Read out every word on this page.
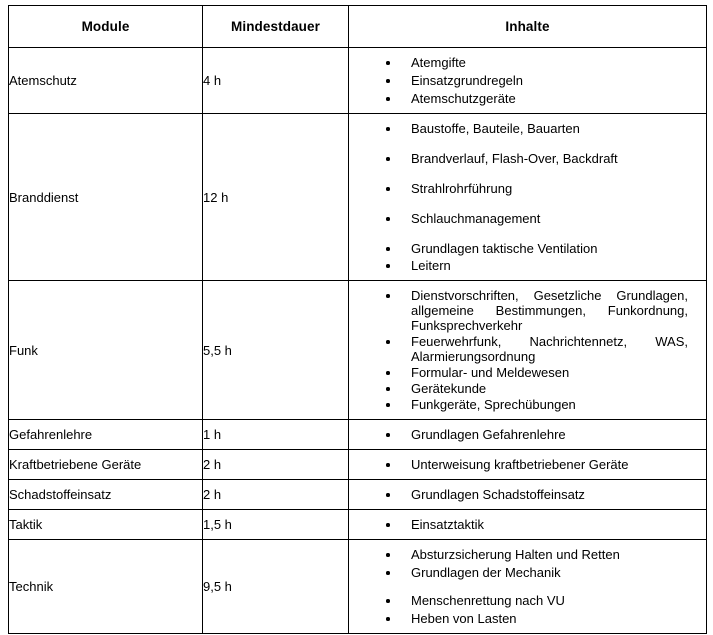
Module	Mindestdauer	Inhalte
Atemschutz	4 h	
Atemgifte
Einsatzgrundregeln
Atemschutzgeräte

Branddienst	12 h	
Baustoffe, Bauteile, Bauarten
Brandverlauf, Flash-Over, Backdraft
Strahlrohrführung
Schlauchmanagement
Grundlagen taktische Ventilation
Leitern

Funk	5,5 h	
Dienstvorschriften, Gesetzliche Grundlagen, allgemeine Bestimmungen, Funkordnung, Funksprechverkehr
Feuerwehrfunk, Nachrichtennetz, WAS, Alarmierungsordnung
Formular- und Meldewesen
Gerätekunde
Funkgeräte, Sprechübungen

Gefahrenlehre	1 h	Grundlagen Gefahrenlehre

Kraftbetriebene Geräte	2 h	Unterweisung kraftbetriebener Geräte

Schadstoffeinsatz	2 h	Grundlagen Schadstoffeinsatz

Taktik	1,5 h	Einsatztaktik

Technik	9,5 h	
Absturzsicherung Halten und Retten
Grundlagen der Mechanik
Menschenrettung nach VU
Heben von Lasten
